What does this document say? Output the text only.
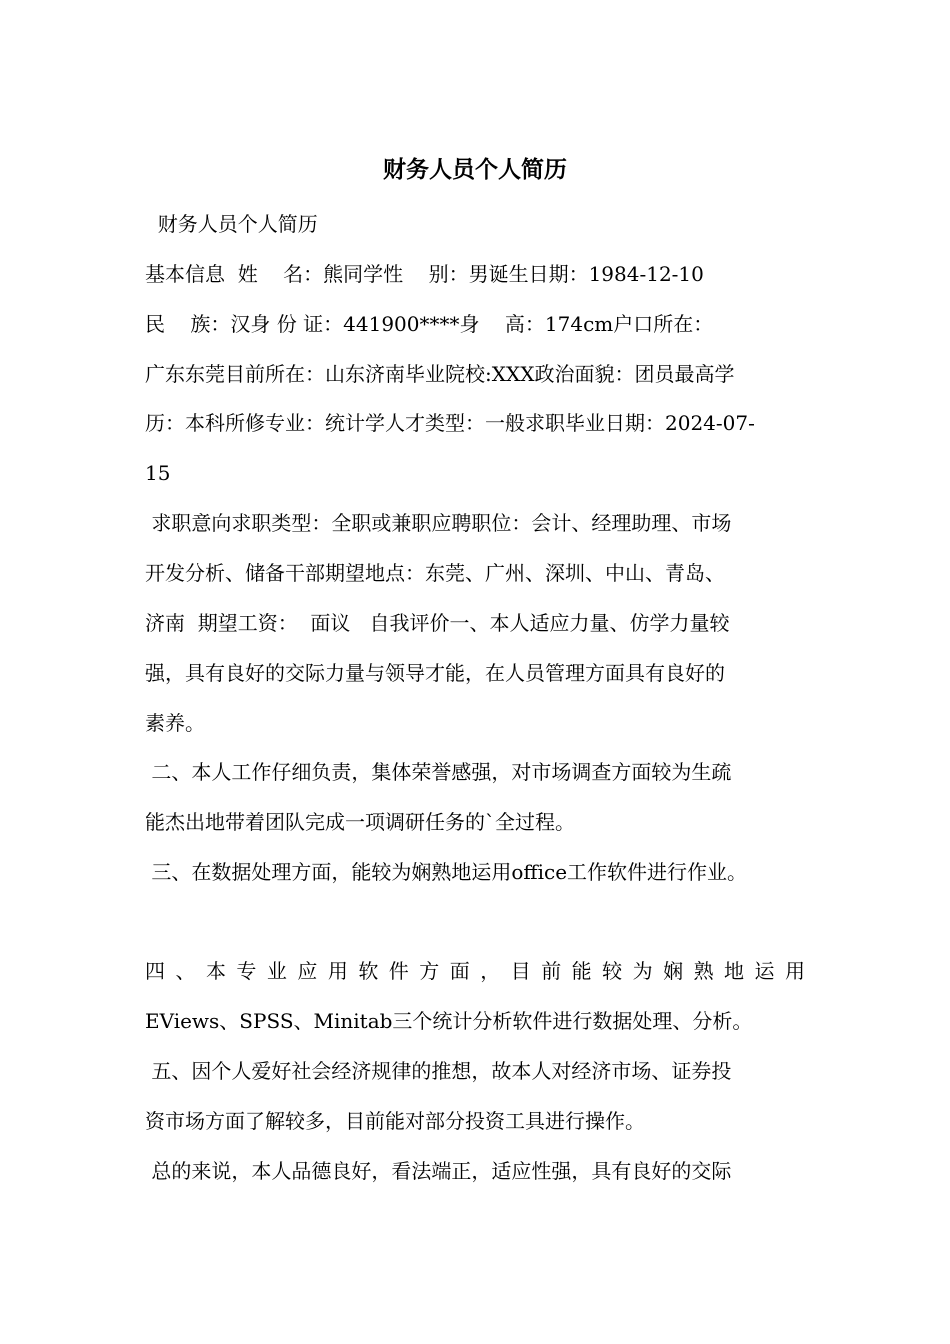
财务人员个人简历
财务人员个人简历
基本信息  姓    名：熊同学性    别：男诞生日期：1984-12-10
民    族：汉身 份 证：441900****身    高：174cm户口所在：
广东东莞目前所在：山东济南毕业院校:XXX政治面貌：团员最高学
历：本科所修专业：统计学人才类型：一般求职毕业日期：2024-07-
15
求职意向求职类型：全职或兼职应聘职位：会计、经理助理、市场
开发分析、储备干部期望地点：东莞、广州、深圳、中山、青岛、
济南  期望工资：  面议   自我评价一、本人适应力量、仿学力量较
强，具有良好的交际力量与领导才能，在人员管理方面具有良好的
素养。
二、本人工作仔细负责，集体荣誉感强，对市场调查方面较为生疏
能杰出地带着团队完成一项调研任务的`全过程。
三、在数据处理方面，能较为娴熟地运用office工作软件进行作业。
四、本专业应用软件方面，目前能较为娴熟地运用
EViews、SPSS、Minitab三个统计分析软件进行数据处理、分析。
五、因个人爱好社会经济规律的推想，故本人对经济市场、证券投
资市场方面了解较多，目前能对部分投资工具进行操作。
总的来说，本人品德良好，看法端正，适应性强，具有良好的交际
